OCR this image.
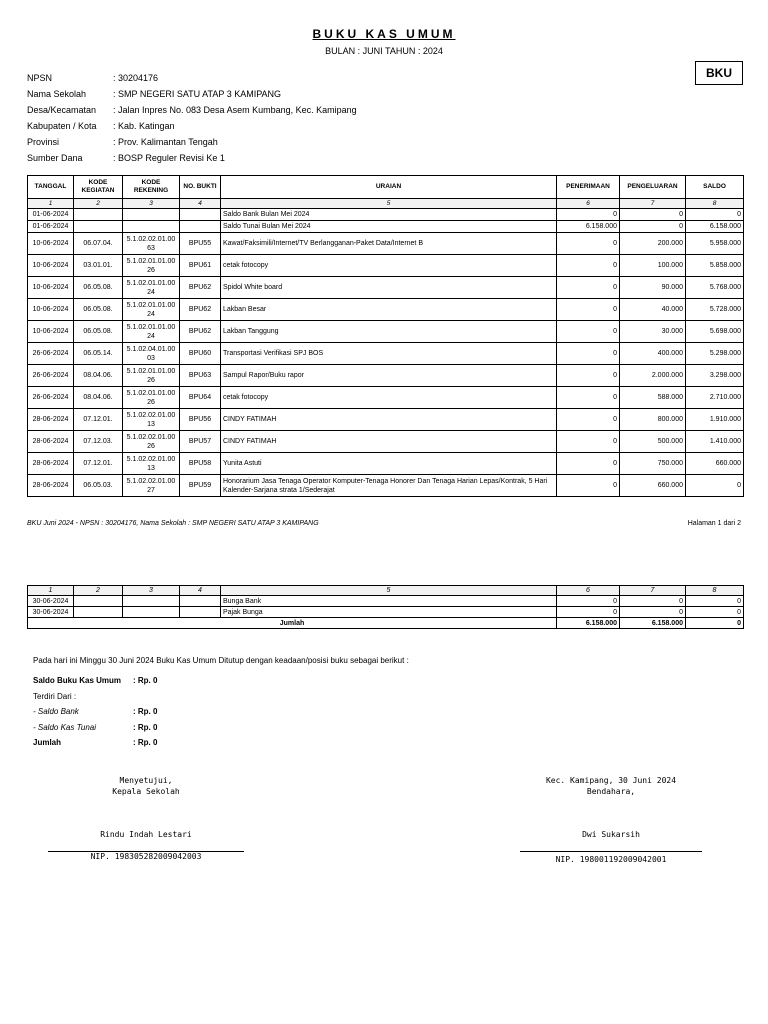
BUKU KAS UMUM
BULAN : JUNI TAHUN : 2024
BKU
NPSN	: 30204176
Nama Sekolah	: SMP NEGERI SATU ATAP 3 KAMIPANG
Desa/Kecamatan	: Jalan Inpres No. 083 Desa Asem Kumbang, Kec. Kamipang
Kabupaten / Kota	: Kab. Katingan
Provinsi	: Prov. Kalimantan Tengah
Sumber Dana	: BOSP Reguler Revisi Ke 1
TANGGAL	KODE KEGIATAN	KODE REKENING	NO. BUKTI	URAIAN	PENERIMAAN	PENGELUARAN	SALDO
1	2	3	4	5	6	7	8
01-06-2024				Saldo Bank Bulan Mei 2024	0	0	0
01-06-2024				Saldo Tunai Bulan Mei 2024	6.158.000	0	6.158.000
10-06-2024	06.07.04.	5.1.02.02.01.0063	BPU55	Kawat/Faksimili/Internet/TV Berlangganan-Paket Data/Internet B	0	200.000	5.958.000
10-06-2024	03.01.01.	5.1.02.01.01.0026	BPU61	cetak fotocopy	0	100.000	5.858.000
10-06-2024	06.05.08.	5.1.02.01.01.0024	BPU62	Spidol White board	0	90.000	5.768.000
10-06-2024	06.05.08.	5.1.02.01.01.0024	BPU62	Lakban Besar	0	40.000	5.728.000
10-06-2024	06.05.08.	5.1.02.01.01.0024	BPU62	Lakban Tanggung	0	30.000	5.698.000
26-06-2024	06.05.14.	5.1.02.04.01.0003	BPU60	Transportasi Verifikasi SPJ BOS	0	400.000	5.298.000
26-06-2024	08.04.06.	5.1.02.01.01.0026	BPU63	Sampul Rapor/Buku rapor	0	2.000.000	3.298.000
26-06-2024	08.04.06.	5.1.02.01.01.0026	BPU64	cetak fotocopy	0	588.000	2.710.000
28-06-2024	07.12.01.	5.1.02.02.01.0013	BPU56	CINDY FATIMAH	0	800.000	1.910.000
28-06-2024	07.12.03.	5.1.02.02.01.0026	BPU57	CINDY FATIMAH	0	500.000	1.410.000
28-06-2024	07.12.01.	5.1.02.02.01.0013	BPU58	Yunita Astuti	0	750.000	660.000
28-06-2024	06.05.03.	5.1.02.02.01.0027	BPU59	Honorarium Jasa Tenaga Operator Komputer-Tenaga Honorer Dan Tenaga Harian Lepas/Kontrak, 5 Hari Kalender-Sarjana strata 1/Sederajat	0	660.000	0
BKU Juni 2024 - NPSN : 30204176, Nama Sekolah : SMP NEGERI SATU ATAP 3 KAMIPANG	Halaman 1 dari 2
1	2	3	4	5	6	7	8
30-06-2024				Bunga Bank	0	0	0
30-06-2024				Pajak Bunga	0	0	0
Jumlah					6.158.000	6.158.000	0
Pada hari ini Minggu 30 Juni 2024 Buku Kas Umum Ditutup dengan keadaan/posisi buku sebagai berikut :
Saldo Buku Kas Umum	: Rp. 0
Terdiri Dari :
- Saldo Bank	: Rp. 0
- Saldo Kas Tunai	: Rp. 0
Jumlah	: Rp. 0
Menyetujui,
Kepala Sekolah
Rindu Indah Lestari
NIP. 198305282009042003
Kec. Kamipang, 30 Juni 2024
Bendahara,
Dwi Sukarsih
NIP. 198001192009042001
